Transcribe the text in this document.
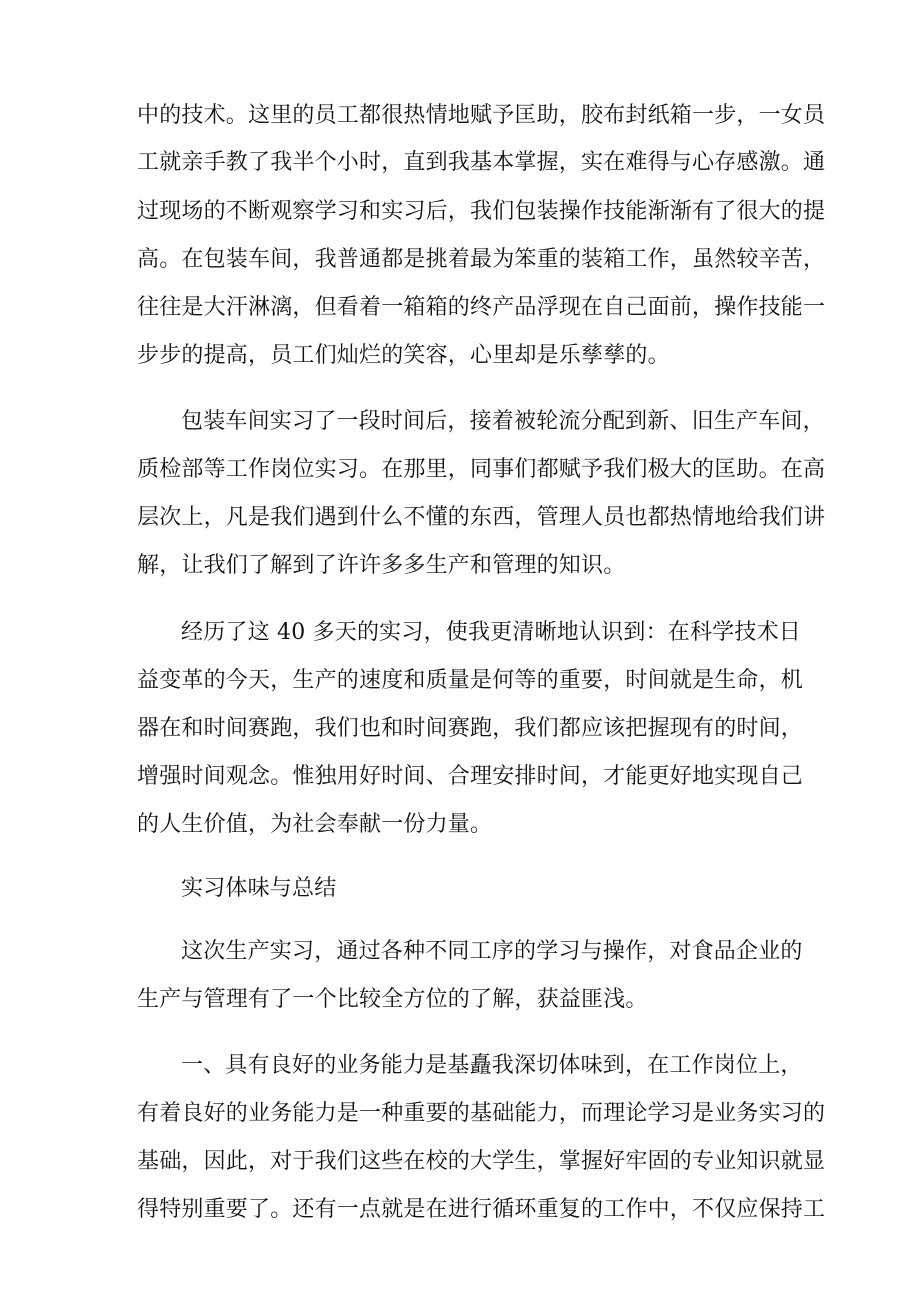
中的技术。这里的员工都很热情地赋予匡助，胶布封纸箱一步，一女员
工就亲手教了我半个小时，直到我基本掌握，实在难得与心存感激。通
过现场的不断观察学习和实习后，我们包装操作技能渐渐有了很大的提
高。在包装车间，我普通都是挑着最为笨重的装箱工作，虽然较辛苦，
往往是大汗淋漓，但看着一箱箱的终产品浮现在自己面前，操作技能一
步步的提高，员工们灿烂的笑容，心里却是乐孳孳的。
包装车间实习了一段时间后，接着被轮流分配到新、旧生产车间，
质检部等工作岗位实习。在那里，同事们都赋予我们极大的匡助。在高
层次上，凡是我们遇到什么不懂的东西，管理人员也都热情地给我们讲
解，让我们了解到了许许多多生产和管理的知识。
经历了这 40 多天的实习，使我更清晰地认识到：在科学技术日
益变革的今天，生产的速度和质量是何等的重要，时间就是生命，机
器在和时间赛跑，我们也和时间赛跑，我们都应该把握现有的时间，
增强时间观念。惟独用好时间、合理安排时间，才能更好地实现自己
的人生价值，为社会奉献一份力量。
实习体味与总结
这次生产实习，通过各种不同工序的学习与操作，对食品企业的
生产与管理有了一个比较全方位的了解，获益匪浅。
一、具有良好的业务能力是基矗我深切体味到，在工作岗位上，
有着良好的业务能力是一种重要的基础能力，而理论学习是业务实习的
基础，因此，对于我们这些在校的大学生，掌握好牢固的专业知识就显
得特别重要了。还有一点就是在进行循环重复的工作中，不仅应保持工
